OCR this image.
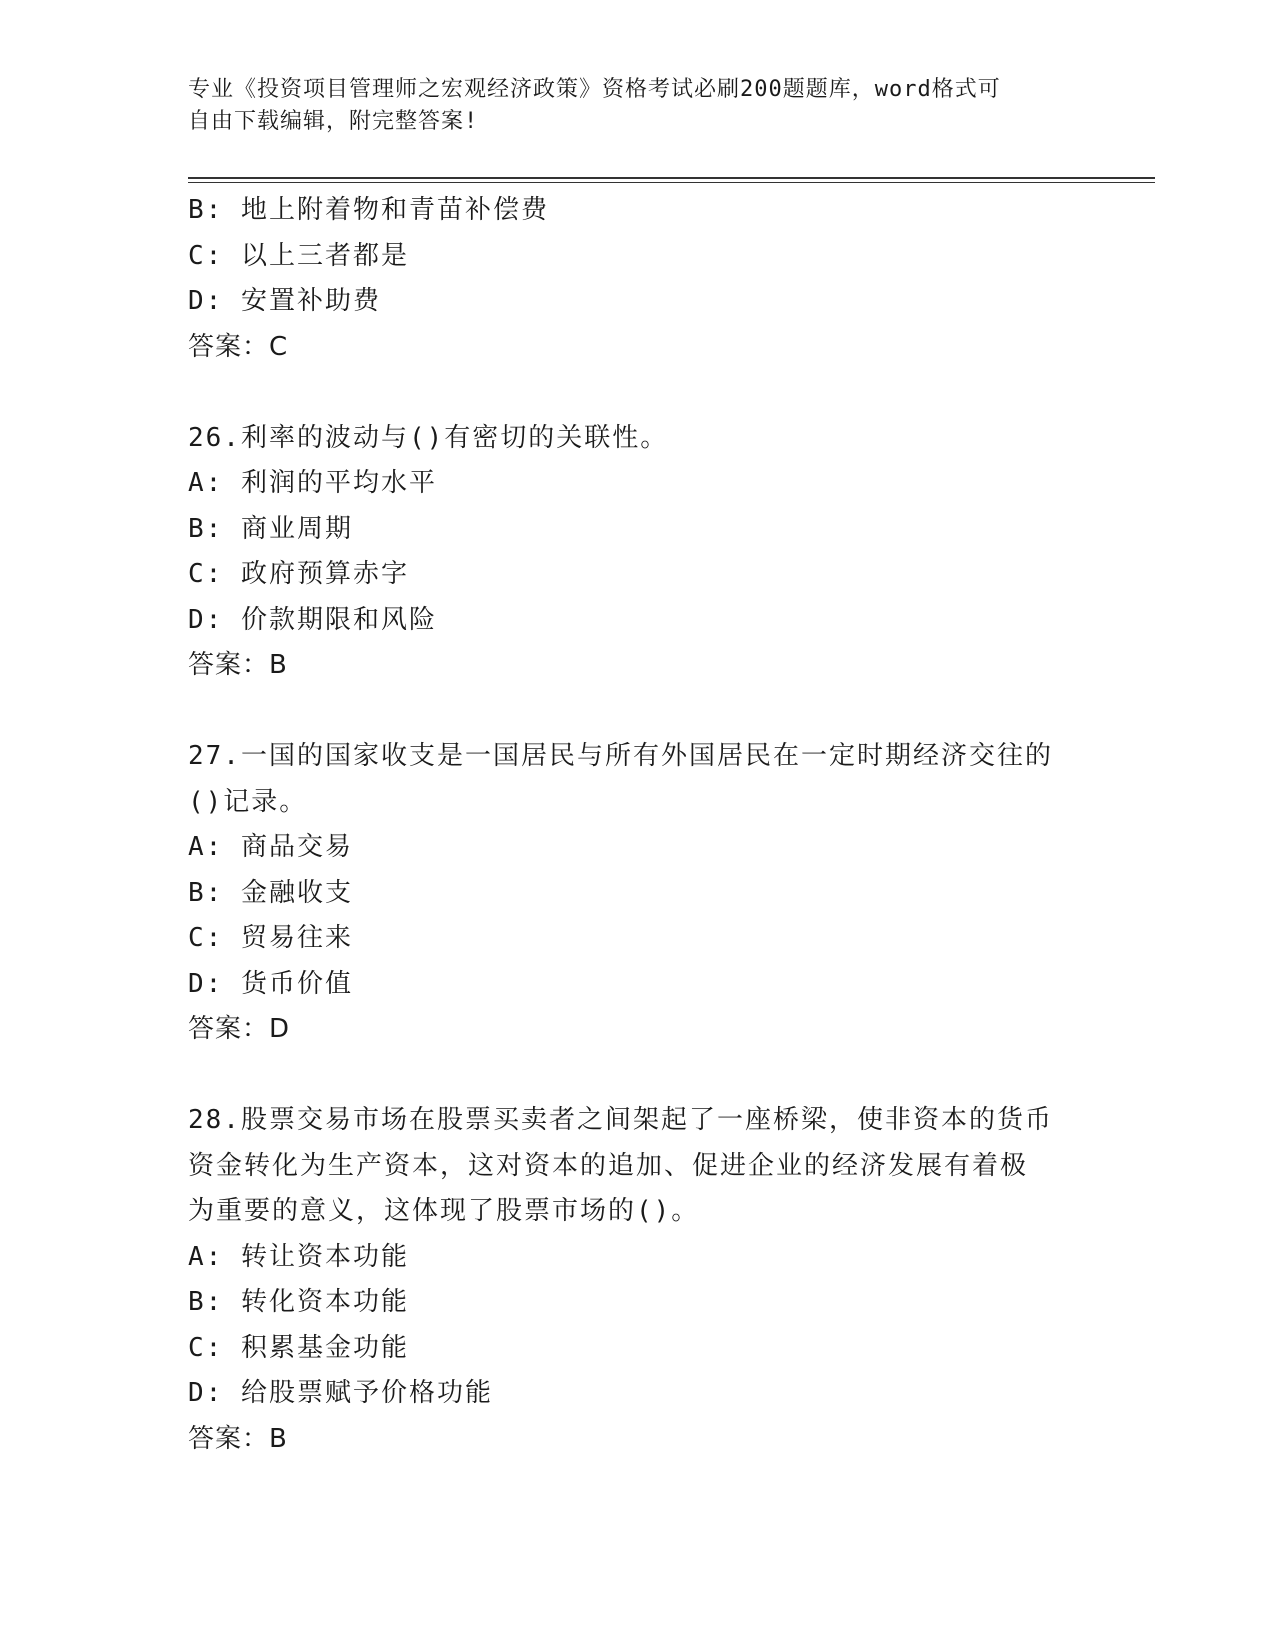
专业《投资项目管理师之宏观经济政策》资格考试必刷200题题库，word格式可
自由下载编辑，附完整答案!
B: 地上附着物和青苗补偿费
C: 以上三者都是
D: 安置补助费
答案：C
26.利率的波动与()有密切的关联性。
A: 利润的平均水平
B: 商业周期
C: 政府预算赤字
D: 价款期限和风险
答案：B
27.一国的国家收支是一国居民与所有外国居民在一定时期经济交往的
()记录。
A: 商品交易
B: 金融收支
C: 贸易往来
D: 货币价值
答案：D
28.股票交易市场在股票买卖者之间架起了一座桥梁，使非资本的货币
资金转化为生产资本，这对资本的追加、促进企业的经济发展有着极
为重要的意义，这体现了股票市场的()。
A: 转让资本功能
B: 转化资本功能
C: 积累基金功能
D: 给股票赋予价格功能
答案：B
